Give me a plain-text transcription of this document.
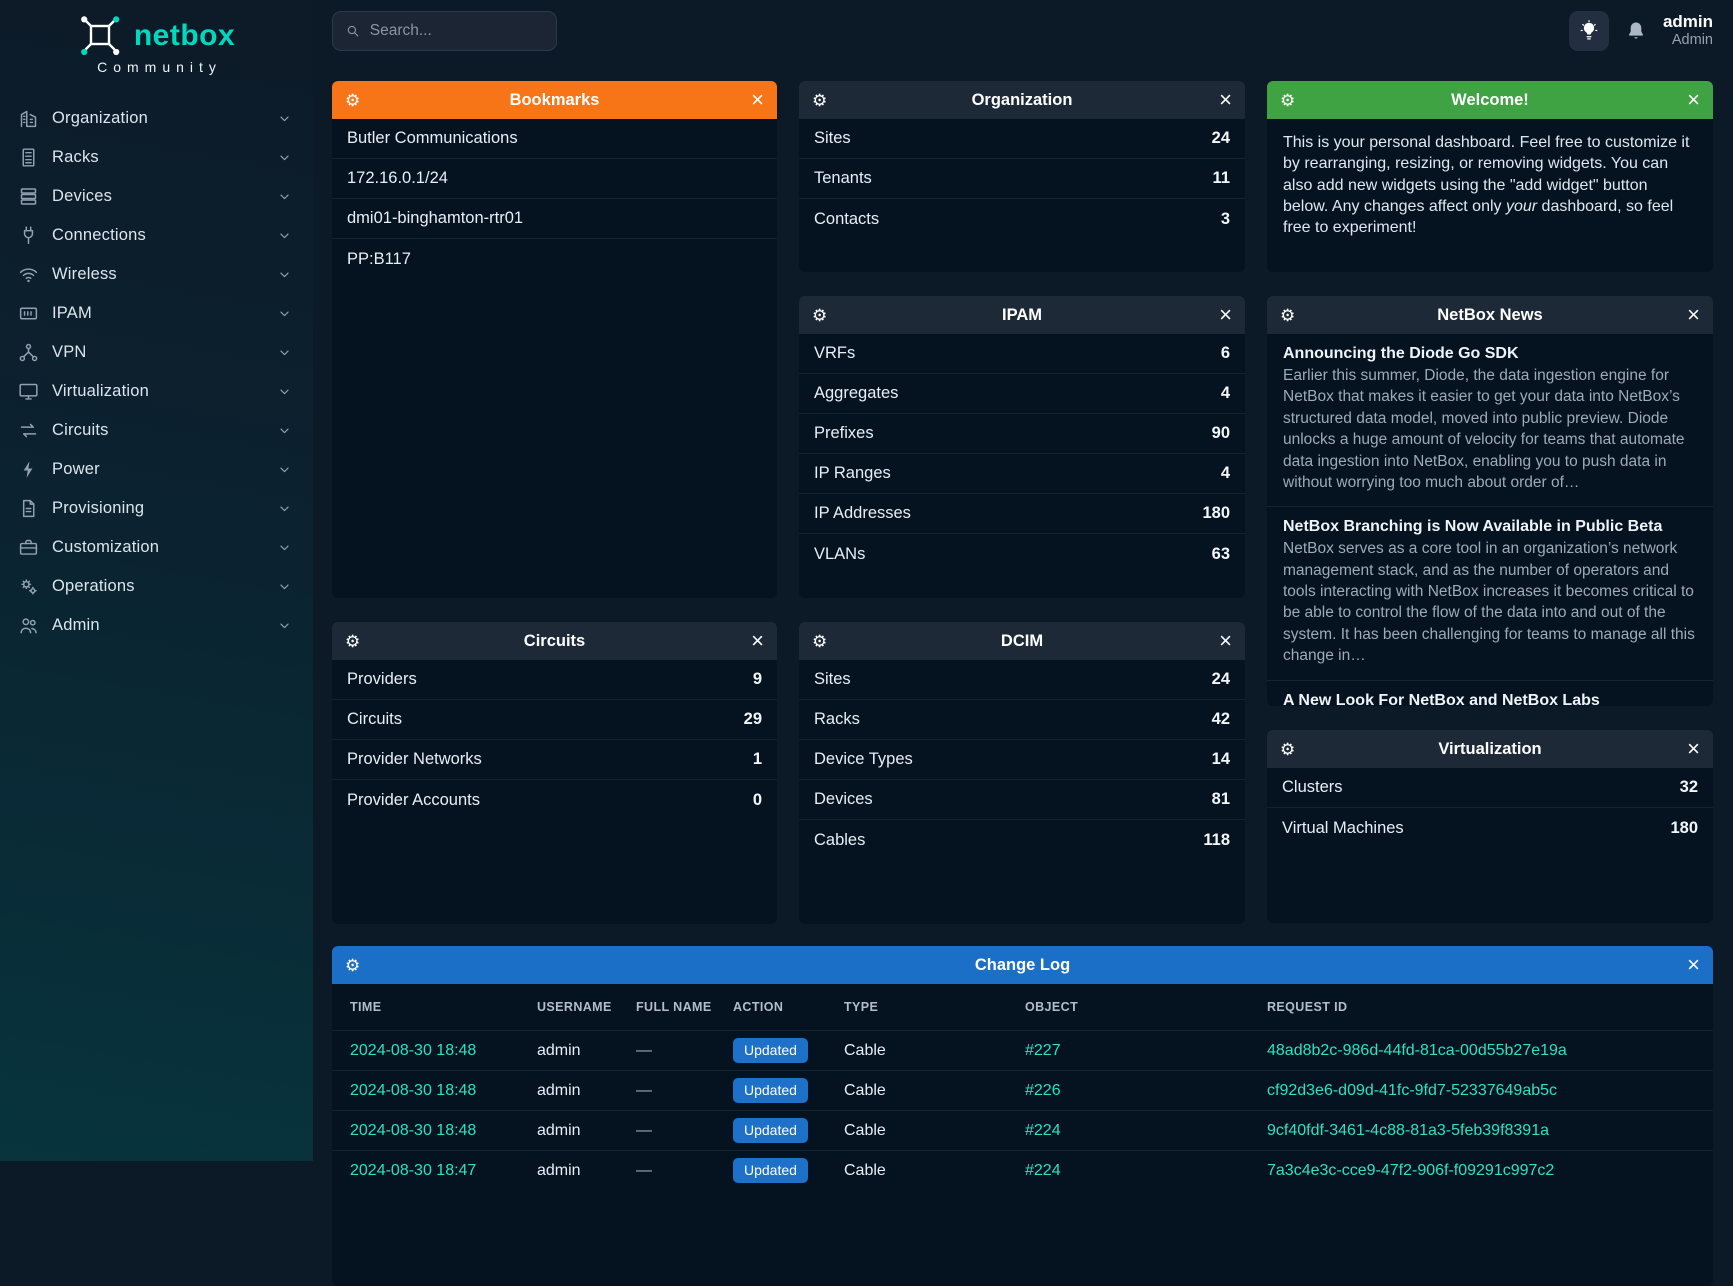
netbox
Community
Organization
Racks
Devices
Connections
Wireless
IPAM
VPN
Virtualization
Circuits
Power
Provisioning
Customization
Operations
Admin
Search...
admin
Admin
⚙	Bookmarks	×
Butler Communications
172.16.0.1/24
dmi01-binghamton-rtr01
PP:B117
⚙	Circuits	×
Providers	9
Circuits	29
Provider Networks	1
Provider Accounts	0
⚙	Organization	×
Sites	24
Tenants	11
Contacts	3
⚙	IPAM	×
VRFs	6
Aggregates	4
Prefixes	90
IP Ranges	4
IP Addresses	180
VLANs	63
⚙	DCIM	×
Sites	24
Racks	42
Device Types	14
Devices	81
Cables	118
⚙	Welcome!	×
This is your personal dashboard. Feel free to customize it by rearranging, resizing, or removing widgets. You can also add new widgets using the "add widget" button below. Any changes affect only your dashboard, so feel free to experiment!
⚙	NetBox News	×
Announcing the Diode Go SDK
Earlier this summer, Diode, the data ingestion engine for NetBox that makes it easier to get your data into NetBox’s structured data model, moved into public preview. Diode unlocks a huge amount of velocity for teams that automate data ingestion into NetBox, enabling you to push data in without worrying too much about order of…
NetBox Branching is Now Available in Public Beta
NetBox serves as a core tool in an organization’s network management stack, and as the number of operators and tools interacting with NetBox increases it becomes critical to be able to control the flow of the data into and out of the system. It has been challenging for teams to manage all this change in…
A New Look For NetBox and NetBox Labs
⚙	Virtualization	×
Clusters	32
Virtual Machines	180
⚙	Change Log	×
TIME	USERNAME	FULL NAME	ACTION	TYPE	OBJECT	REQUEST ID
2024-08-30 18:48	admin	—	Updated	Cable	#227	48ad8b2c-986d-44fd-81ca-00d55b27e19a
2024-08-30 18:48	admin	—	Updated	Cable	#226	cf92d3e6-d09d-41fc-9fd7-52337649ab5c
2024-08-30 18:48	admin	—	Updated	Cable	#224	9cf40fdf-3461-4c88-81a3-5feb39f8391a
2024-08-30 18:47	admin	—	Updated	Cable	#224	7a3c4e3c-cce9-47f2-906f-f09291c997c2
